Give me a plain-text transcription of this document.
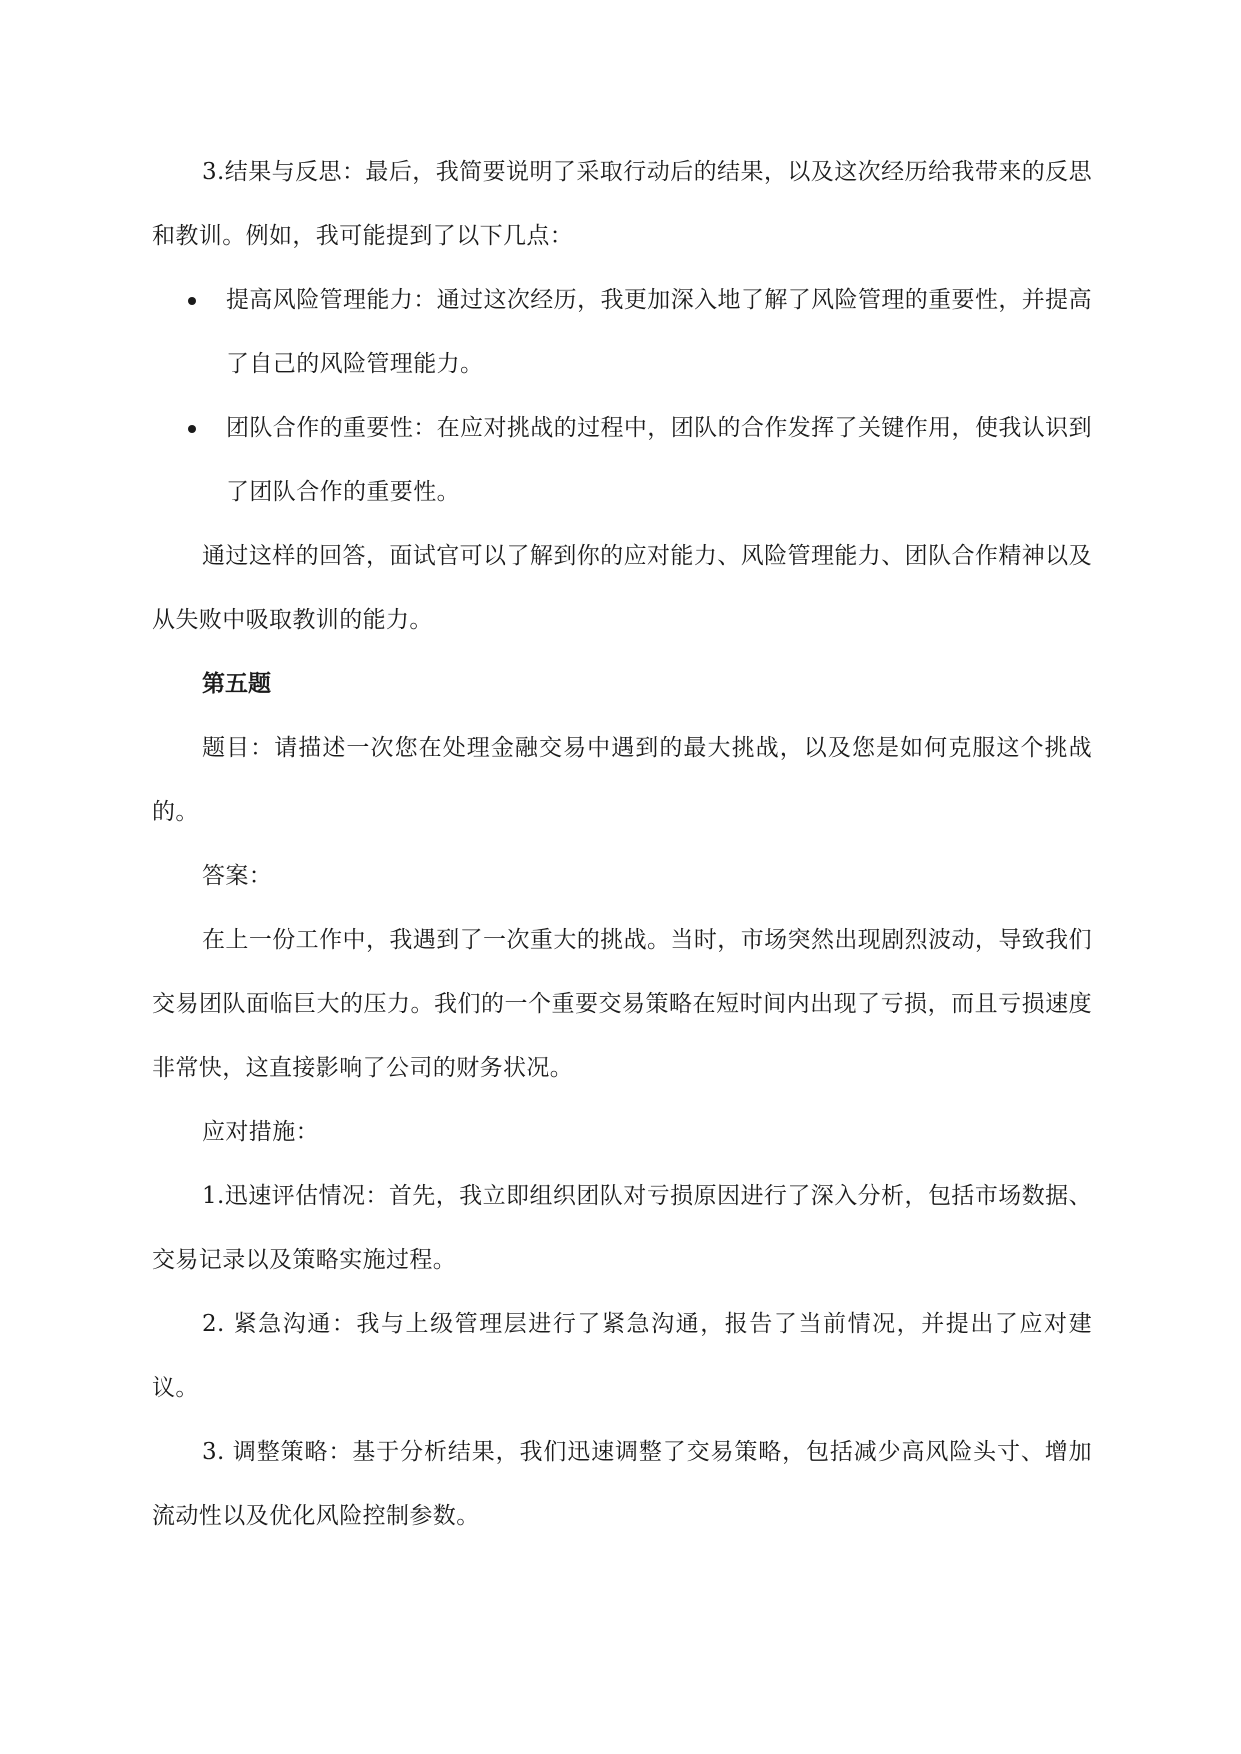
3.结果与反思：最后，我简要说明了采取行动后的结果，以及这次经历给我带来的反思和教训。例如，我可能提到了以下几点：

提高风险管理能力：通过这次经历，我更加深入地了解了风险管理的重要性，并提高了自己的风险管理能力。
团队合作的重要性：在应对挑战的过程中，团队的合作发挥了关键作用，使我认识到了团队合作的重要性。

通过这样的回答，面试官可以了解到你的应对能力、风险管理能力、团队合作精神以及从失败中吸取教训的能力。

第五题

题目：请描述一次您在处理金融交易中遇到的最大挑战，以及您是如何克服这个挑战的。

答案：

在上一份工作中，我遇到了一次重大的挑战。当时，市场突然出现剧烈波动，导致我们交易团队面临巨大的压力。我们的一个重要交易策略在短时间内出现了亏损，而且亏损速度非常快，这直接影响了公司的财务状况。

应对措施：

1.迅速评估情况：首先，我立即组织团队对亏损原因进行了深入分析，包括市场数据、交易记录以及策略实施过程。

2. 紧急沟通：我与上级管理层进行了紧急沟通，报告了当前情况，并提出了应对建议。

3. 调整策略：基于分析结果，我们迅速调整了交易策略，包括减少高风险头寸、增加流动性以及优化风险控制参数。
